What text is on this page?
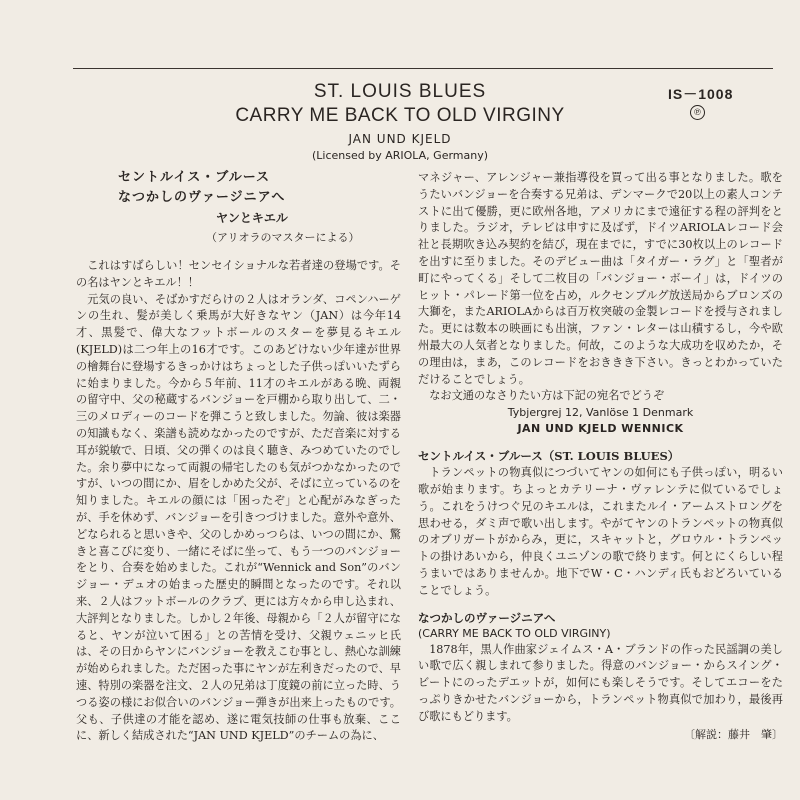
ST. LOUIS BLUES
CARRY ME BACK TO OLD VIRGINY
JAN UND KJELD
(Licensed by ARIOLA, Germany)
IS－1008
℗
セントルイス・ブルース
なつかしのヴァージニアへ
ヤンとキエル
（アリオラのマスターによる）

これはすばらしい！センセイショナルな若者達の登場です。その名はヤンとキエル！！

元気の良い、そばかすだらけの２人はオランダ、コペンハーゲンの生れ、髪が美しく乗馬が大好きなヤン（JAN）は今年14才、黒髪で、偉大なフットボールのスターを夢見るキエル(KJELD)は二つ年上の16才です。このあどけない少年達が世界の檜舞台に登場するきっかけはちょっとした子供っぽいいたずらに始まりました。今から５年前、11才のキエルがある晩、両親の留守中、父の秘蔵するバンジョーを戸棚から取り出して、二・三のメロディーのコードを弾こうと致しました。勿論、彼は楽器の知識もなく、楽譜も読めなかったのですが、ただ音楽に対する耳が鋭敏で、日頃、父の弾くのは良く聴き、みつめていたのでした。余り夢中になって両親の帰宅したのも気がつかなかったのですが、いつの間にか、眉をしかめた父が、そばに立っているのを知りました。キエルの顔には「困ったぞ」と心配がみなぎったが、手を休めず、バンジョーを引きつづけました。意外や意外、どなられると思いきや、父のしかめっつらは、いつの間にか、驚きと喜こびに変り、一緒にそばに坐って、もう一つのバンジョーをとり、合奏を始めました。これが“Wennick and Son”のバンジョー・デュオの始まった歴史的瞬間となったのです。それ以来、２人はフットボールのクラブ、更には方々から申し込まれ、大評判となりました。しかし２年後、母親から「２人が留守になると、ヤンが泣いて困る」との苦情を受け、父親ウェニッヒ氏は、その日からヤンにバンジョーを教えこむ事とし、熱心な訓練が始められました。ただ困った事にヤンが左利きだったので、早速、特別の楽器を注文、２人の兄弟は丁度鏡の前に立った時、うつる姿の様にお似合いのバンジョー弾きが出来上ったものです。父も、子供達の才能を認め、遂に電気技師の仕事も放棄、ここに、新しく結成された“JAN UND KJELD”のチームの為に、

マネジャー、アレンジャー兼指導役を買って出る事となりました。歌をうたいバンジョーを合奏する兄弟は、デンマークで20以上の素人コンテストに出て優勝，更に欧州各地，アメリカにまで遠征する程の評判をとりました。ラジオ，テレビは申すに及ばず，ドイツARIOLAレコード会社と長期吹き込み契約を結び，現在までに，すでに30枚以上のレコードを出すに至りました。そのデビュー曲は「タイガー・ラグ」と「聖者が町にやってくる」そして二枚目の「バンジョー・ボーイ」は，ドイツのヒット・パレード第一位を占め，ルクセンブルグ放送局からブロンズの大獅を，またARIOLAからは百万枚突破の金製レコードを授与されました。更には数本の映画にも出演，ファン・レターは山積するし，今や欧州最大の人気者となりました。何故，このような大成功を収めたか，その理由は，まあ，このレコードをおききき下さい。きっとわかっていただけることでしょう。

なお文通のなさりたい方は下記の宛名でどうぞ

Tybjergrej 12, Vanlöse 1 Denmark
JAN UND KJELD WENNICK
セントルイス・ブルース（ST. LOUIS BLUES）

トランペットの物真似につづいてヤンの如何にも子供っぽい，明るい歌が始まります。ちよっとカテリーナ・ヴァレンテに似ているでしょう。これをうけつぐ兄のキエルは，これまたルイ・アームストロングを思わせる，ダミ声で歌い出します。やがてヤンのトランペットの物真似のオブリガートがからみ，更に，スキャットと，グロウル・トランペットの掛けあいから，仲良くユニゾンの歌で終ります。何とにくらしい程うまいではありませんか。地下でW・C・ハンディ氏もおどろいていることでしょう。

なつかしのヴァージニアへ
(CARRY ME BACK TO OLD VIRGINY)

1878年，黒人作曲家ジェイムス・A・ブランドの作った民謡調の美しい歌で広く親しまれて参りました。得意のバンジョー・からスイング・ビートにのったデエットが，如何にも楽しそうです。そしてエコーをたっぷりきかせたバンジョーから，トランペット物真似で加わり，最後再び歌にもどります。

〔解説：藤井　肇〕
